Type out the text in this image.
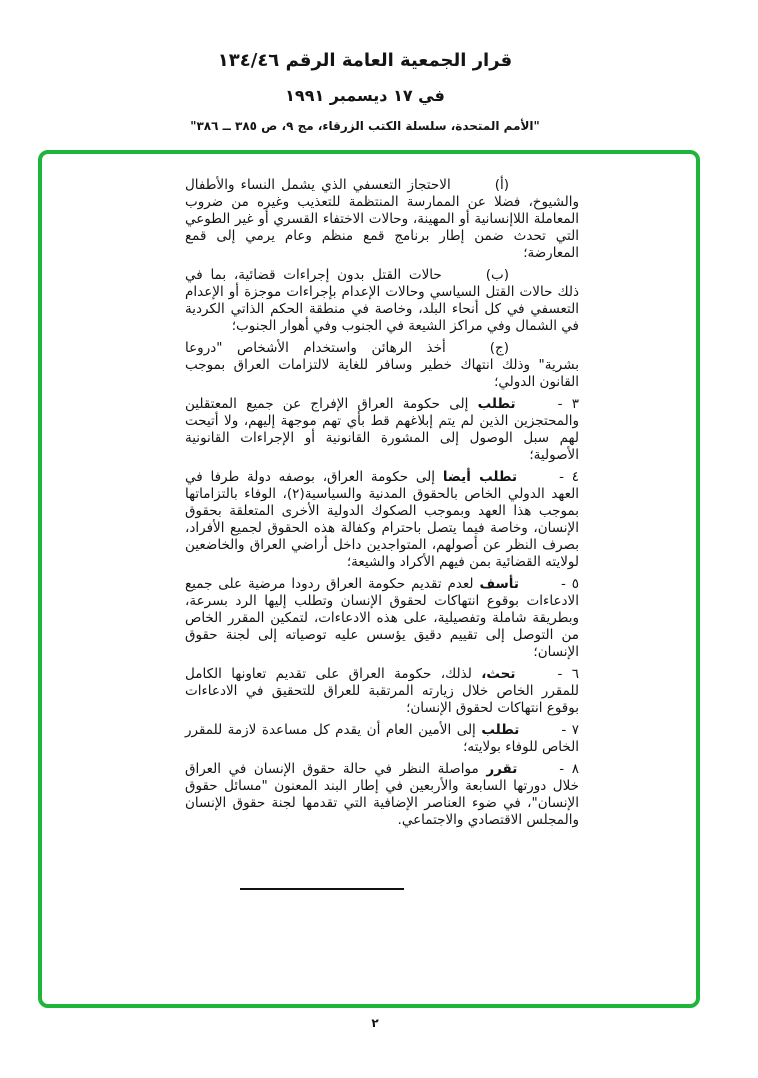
قرار الجمعية العامة الرقم ١٣٤/٤٦
في ١٧ ديسمبر ١٩٩١
"الأمم المتحدة، سلسلة الكتب الزرقاء، مج ٩، ص ٣٨٥ ــ ٣٨٦"

(أ)الاحتجاز التعسفي الذي يشمل النساء والأطفال والشيوخ، فضلا عن الممارسة المنتظمة للتعذيب وغيره من ضروب المعاملة اللاإنسانية أو المهينة، وحالات الاختفاء القسري أو غير الطوعي التي تحدث ضمن إطار برنامج قمع منظم وعام يرمي إلى قمع المعارضة؛

(ب)حالات القتل بدون إجراءات قضائية، بما في ذلك حالات القتل السياسي وحالات الإعدام بإجراءات موجزة أو الإعدام التعسفي في كل أنحاء البلد، وخاصة في منطقة الحكم الذاتي الكردية في الشمال وفي مراكز الشيعة في الجنوب وفي أهوار الجنوب؛

(ج)أخذ الرهائن واستخدام الأشخاص "دروعا بشرية" وذلك انتهاك خطير وسافر للغاية لالتزامات العراق بموجب القانون الدولي؛

٣ -تطلب إلى حكومة العراق الإفراج عن جميع المعتقلين والمحتجزين الذين لم يتم إبلاغهم قط بأي تهم موجهة إليهم، ولا أتيحت لهم سبل الوصول إلى المشورة القانونية أو الإجراءات القانونية الأصولية؛

٤ -تطلب أيضا إلى حكومة العراق، بوصفه دولة طرفا في العهد الدولي الخاص بالحقوق المدنية والسياسية(٢)، الوفاء بالتزاماتها بموجب هذا العهد وبموجب الصكوك الدولية الأخرى المتعلقة بحقوق الإنسان، وخاصة فيما يتصل باحترام وكفالة هذه الحقوق لجميع الأفراد، بصرف النظر عن أصولهم، المتواجدين داخل أراضي العراق والخاضعين لولايته القضائية بمن فيهم الأكراد والشيعة؛

٥ -تأسف لعدم تقديم حكومة العراق ردودا مرضية على جميع الادعاءات بوقوع انتهاكات لحقوق الإنسان وتطلب إليها الرد بسرعة، وبطريقة شاملة وتفصيلية، على هذه الادعاءات، لتمكين المقرر الخاص من التوصل إلى تقييم دقيق يؤسس عليه توصياته إلى لجنة حقوق الإنسان؛

٦ -تحث، لذلك، حكومة العراق على تقديم تعاونها الكامل للمقرر الخاص خلال زيارته المرتقبة للعراق للتحقيق في الادعاءات بوقوع انتهاكات لحقوق الإنسان؛

٧ -تطلب إلى الأمين العام أن يقدم كل مساعدة لازمة للمقرر الخاص للوفاء بولايته؛

٨ -تقرر مواصلة النظر في حالة حقوق الإنسان في العراق خلال دورتها السابعة والأربعين في إطار البند المعنون "مسائل حقوق الإنسان"، في ضوء العناصر الإضافية التي تقدمها لجنة حقوق الإنسان والمجلس الاقتصادي والاجتماعي.

٢
